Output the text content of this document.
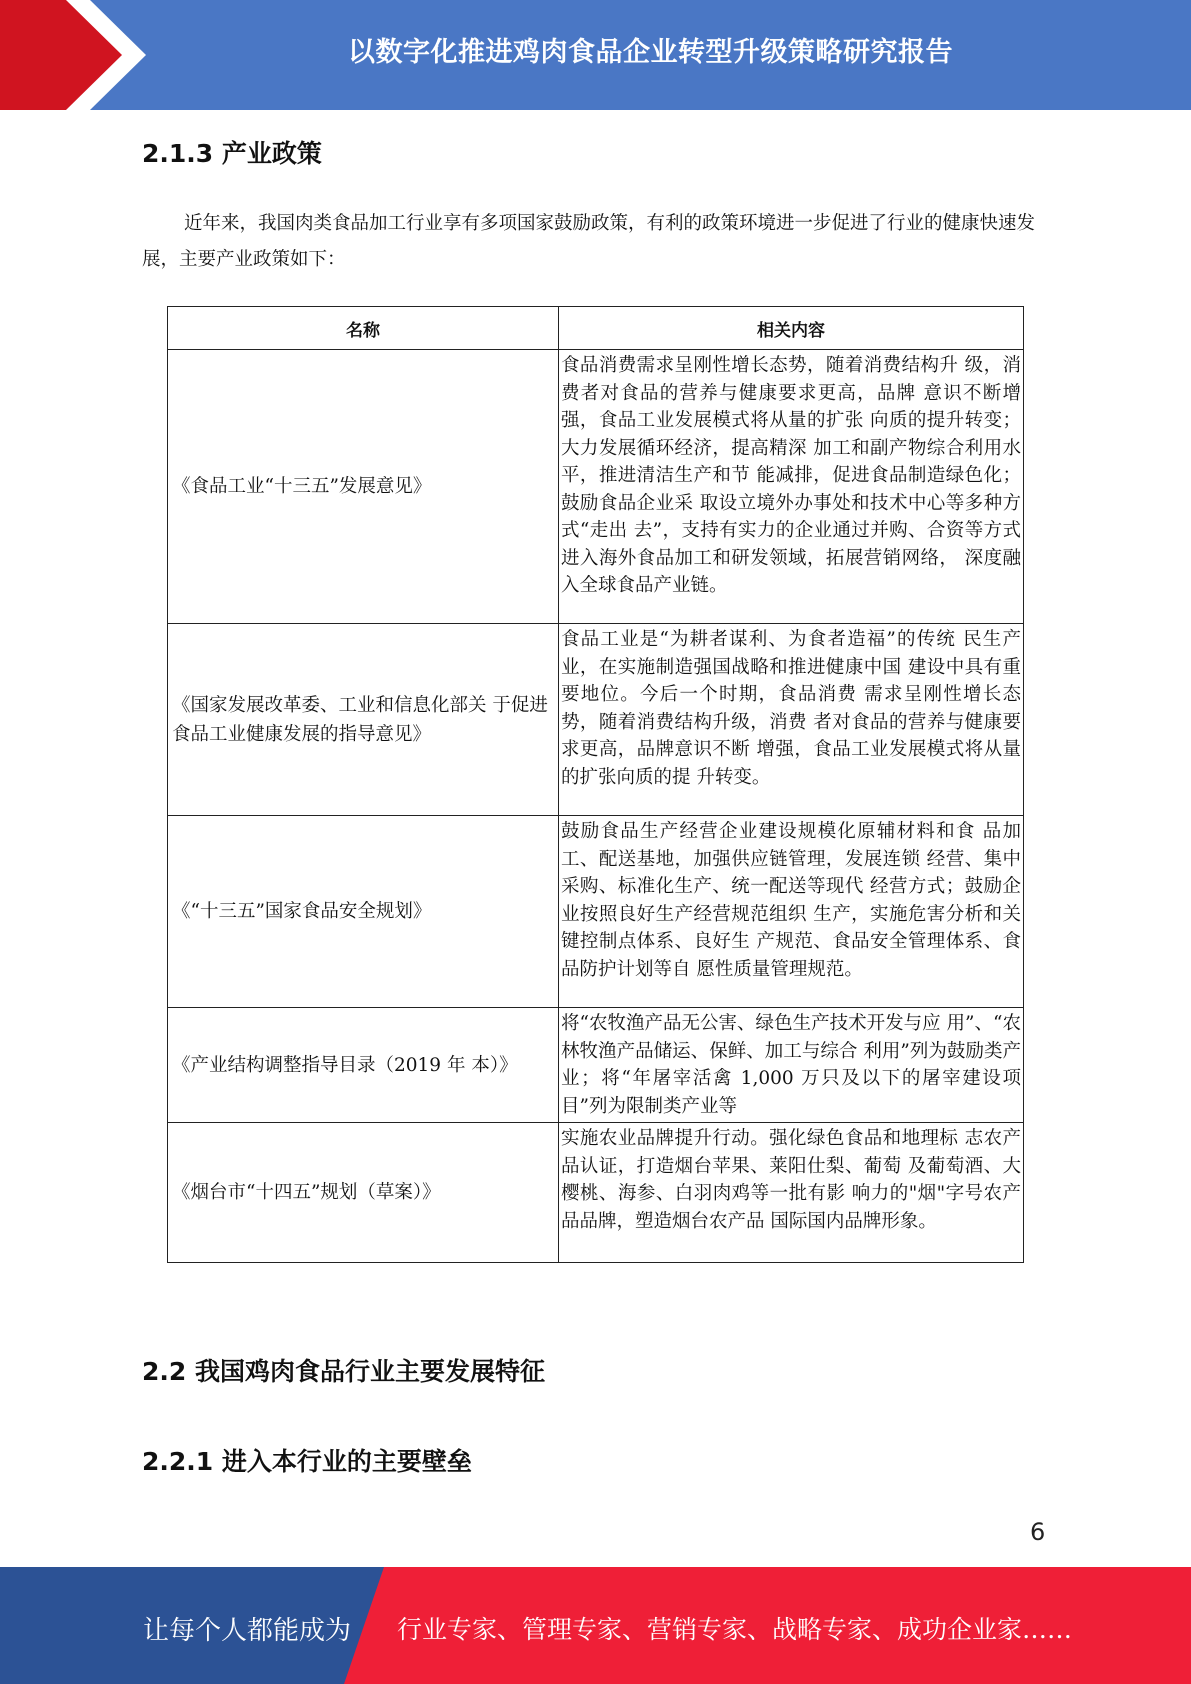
以数字化推进鸡肉食品企业转型升级策略研究报告
2.1.3 产业政策

近年来，我国肉类食品加工行业享有多项国家鼓励政策，有利的政策环境进一步促进了行业的健康快速发展，主要产业政策如下：

名称	相关内容
《食品工业“十三五”发展意见》	食品消费需求呈刚性增长态势，随着消费结构升 级，消费者对食品的营养与健康要求更高，品牌 意识不断增强，食品工业发展模式将从量的扩张 向质的提升转变；大力发展循环经济，提高精深 加工和副产物综合利用水平，推进清洁生产和节 能减排，促进食品制造绿色化；鼓励食品企业采 取设立境外办事处和技术中心等多种方式“走出 去”，支持有实力的企业通过并购、合资等方式 进入海外食品加工和研发领域，拓展营销网络， 深度融入全球食品产业链。
《国家发展改革委、工业和信息化部关 于促进食品工业健康发展的指导意见》	食品工业是“为耕者谋利、为食者造福”的传统 民生产业，在实施制造强国战略和推进健康中国 建设中具有重要地位。今后一个时期，食品消费 需求呈刚性增长态势，随着消费结构升级，消费 者对食品的营养与健康要求更高，品牌意识不断 增强，食品工业发展模式将从量的扩张向质的提 升转变。
《“十三五”国家食品安全规划》	鼓励食品生产经营企业建设规模化原辅材料和食 品加工、配送基地，加强供应链管理，发展连锁 经营、集中采购、标准化生产、统一配送等现代 经营方式；鼓励企业按照良好生产经营规范组织 生产，实施危害分析和关键控制点体系、良好生 产规范、食品安全管理体系、食品防护计划等自 愿性质量管理规范。
《产业结构调整指导目录（2019 年 本）》	将“农牧渔产品无公害、绿色生产技术开发与应 用”、“农林牧渔产品储运、保鲜、加工与综合 利用”列为鼓励类产业；将“年屠宰活禽 1,000 万只及以下的屠宰建设项目”列为限制类产业等
《烟台市“十四五”规划（草案）》	实施农业品牌提升行动。强化绿色食品和地理标 志农产品认证，打造烟台苹果、莱阳仕梨、葡萄 及葡萄酒、大樱桃、海参、白羽肉鸡等一批有影 响力的"烟"字号农产品品牌，塑造烟台农产品 国际国内品牌形象。
2.2 我国鸡肉食品行业主要发展特征
2.2.1 进入本行业的主要壁垒
6
让每个人都能成为 行业专家、管理专家、营销专家、战略专家、成功企业家……
